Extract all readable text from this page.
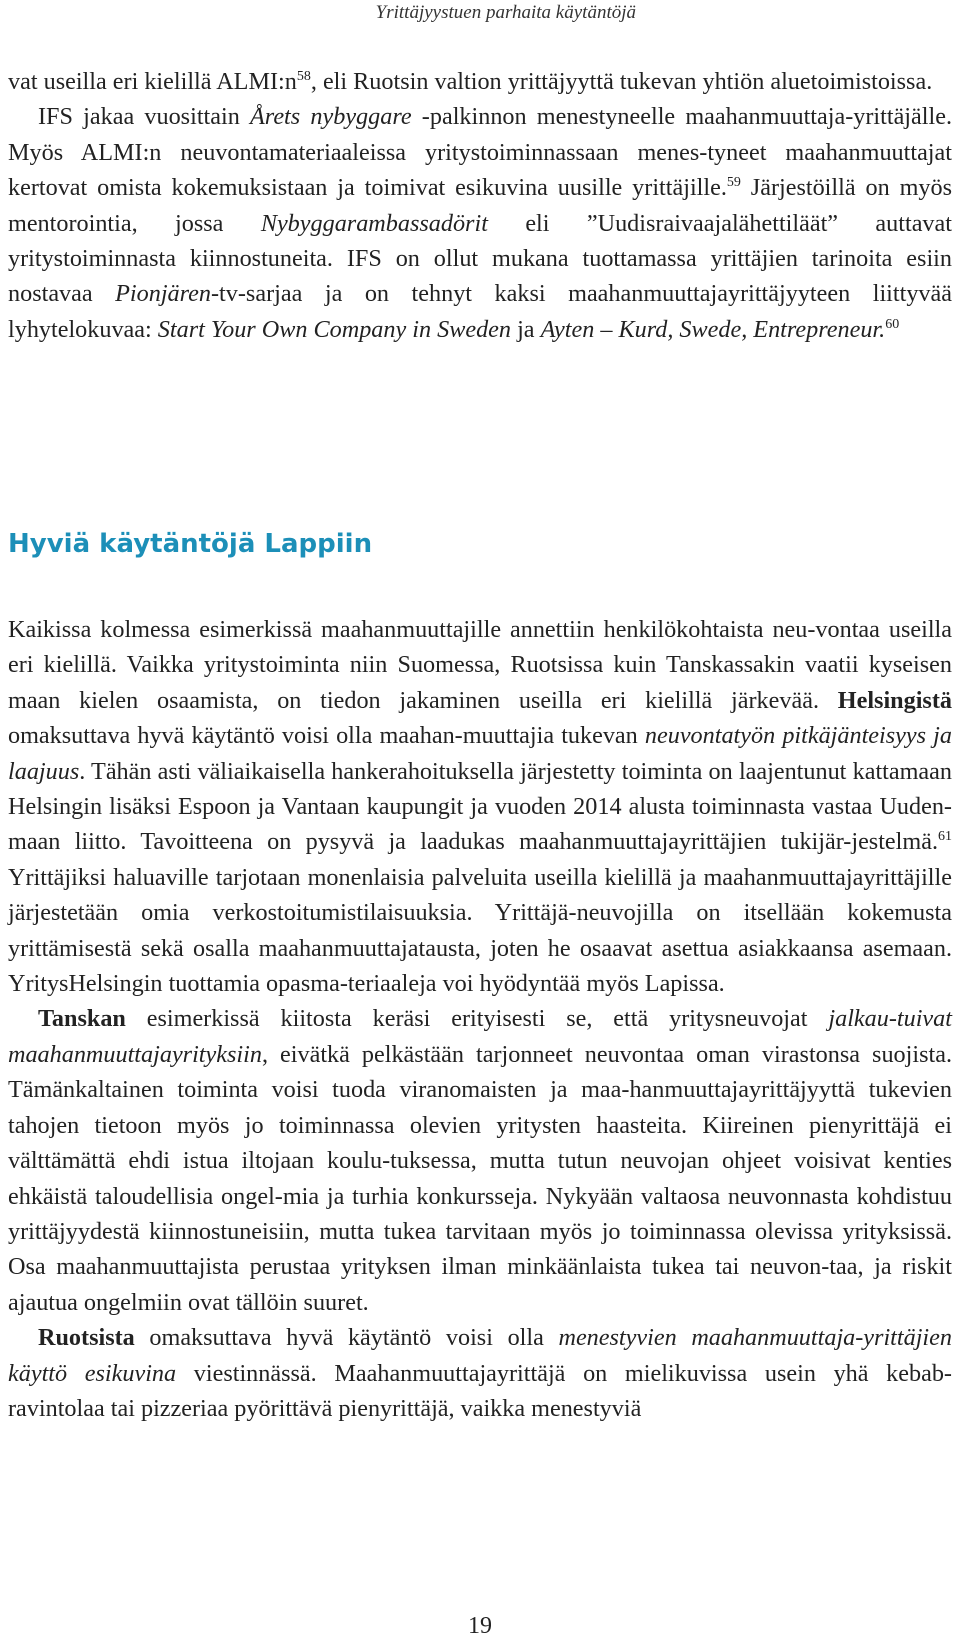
Yrittäjyystuen parhaita käytäntöjä

vat useilla eri kielillä $ALMI:n^{58}$, eli Ruotsin valtion yrittäjyyttä tukevan yhtiön aluetoimistoissa.

IFS jakaa vuosittain Årets nybyggare -palkinnon menestyneelle maahanmuuttaja-yrittäjälle. Myös ALMI:n neuvontamateriaaleissa yritystoiminnassaan menes-tyneet maahanmuuttajat kertovat omista kokemuksistaan ja toimivat esikuvina uusille yrittäjille.$^{59}$ Järjestöillä on myös mentorointia, jossa Nybyggarambassadörit eli ”Uudisraivaajalähettiläät” auttavat yritystoiminnasta kiinnostuneita. IFS on ollut mukana tuottamassa yrittäjien tarinoita esiin nostavaa Pionjären-tv-sarjaa ja on tehnyt kaksi maahanmuuttajayrittäjyyteen liittyvää lyhytelokuvaa: Start Your Own Company in Sweden ja Ayten – Kurd, Swede, Entrepreneur.$^{60}$

Hyviä käytäntöjä Lappiin

Kaikissa kolmessa esimerkissä maahanmuuttajille annettiin henkilökohtaista neu-vontaa useilla eri kielillä. Vaikka yritystoiminta niin Suomessa, Ruotsissa kuin Tanskassakin vaatii kyseisen maan kielen osaamista, on tiedon jakaminen useilla eri kielillä järkevää. Helsingistä omaksuttava hyvä käytäntö voisi olla maahan-muuttajia tukevan neuvontatyön pitkäjänteisyys ja laajuus. Tähän asti väliaikaisella hankerahoituksella järjestetty toiminta on laajentunut kattamaan Helsingin lisäksi Espoon ja Vantaan kaupungit ja vuoden 2014 alusta toiminnasta vastaa Uuden-maan liitto. Tavoitteena on pysyvä ja laadukas maahanmuuttajayrittäjien tukijär-jestelmä.$^{61}$ Yrittäjiksi haluaville tarjotaan monenlaisia palveluita useilla kielillä ja maahanmuuttajayrittäjille järjestetään omia verkostoitumistilaisuuksia. Yrittäjä-neuvojilla on itsellään kokemusta yrittämisestä sekä osalla maahanmuuttajatausta, joten he osaavat asettua asiakkaansa asemaan. YritysHelsingin tuottamia opasma-teriaaleja voi hyödyntää myös Lapissa.

Tanskan esimerkissä kiitosta keräsi erityisesti se, että yritysneuvojat jalkau-tuivat maahanmuuttajayrityksiin, eivätkä pelkästään tarjonneet neuvontaa oman virastonsa suojista. Tämänkaltainen toiminta voisi tuoda viranomaisten ja maa-hanmuuttajayrittäjyyttä tukevien tahojen tietoon myös jo toiminnassa olevien yritysten haasteita. Kiireinen pienyrittäjä ei välttämättä ehdi istua iltojaan koulu-tuksessa, mutta tutun neuvojan ohjeet voisivat kenties ehkäistä taloudellisia ongel-mia ja turhia konkursseja. Nykyään valtaosa neuvonnasta kohdistuu yrittäjyydestä kiinnostuneisiin, mutta tukea tarvitaan myös jo toiminnassa olevissa yrityksissä. Osa maahanmuuttajista perustaa yrityksen ilman minkäänlaista tukea tai neuvon-taa, ja riskit ajautua ongelmiin ovat tällöin suuret.

Ruotsista omaksuttava hyvä käytäntö voisi olla menestyvien maahanmuuttaja-yrittäjien käyttö esikuvina viestinnässä. Maahanmuuttajayrittäjä on mielikuvissa usein yhä kebab-ravintolaa tai pizzeriaa pyörittävä pienyrittäjä, vaikka menestyviä

19
